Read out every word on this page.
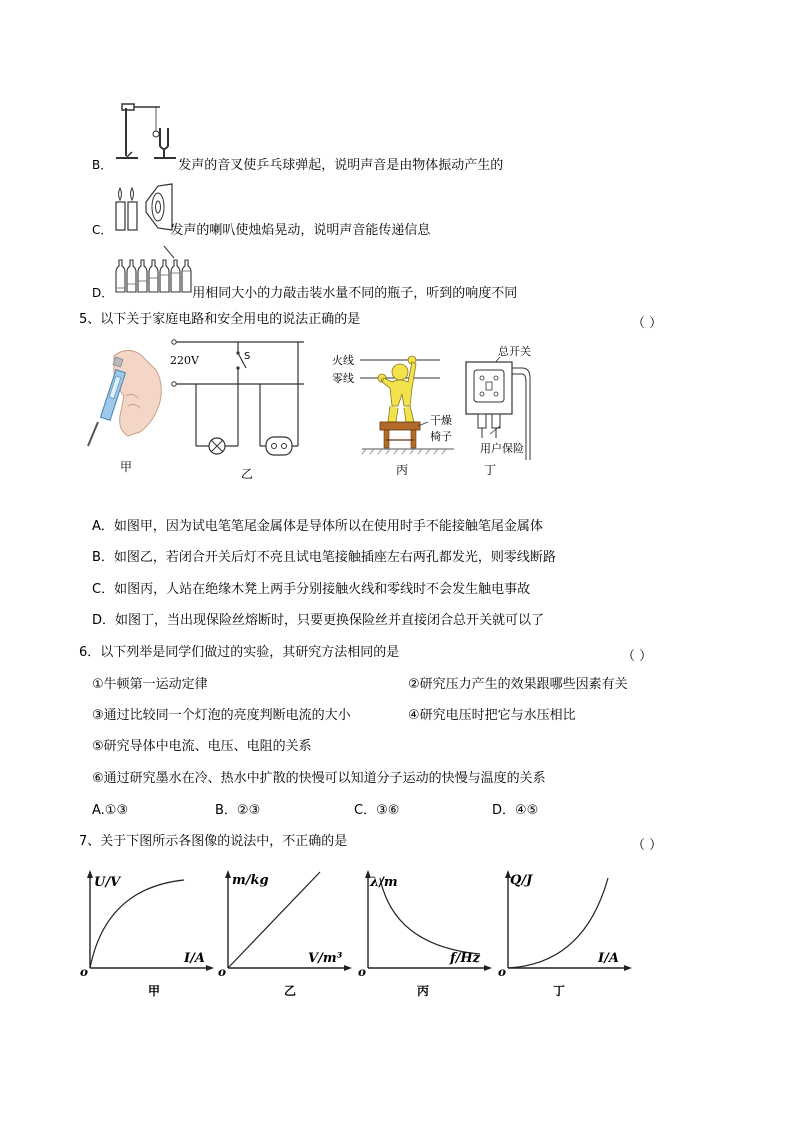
B．	发声的音叉使乒乓球弹起，说明声音是由物体振动产生的
C．	发声的喇叭使烛焰晃动，说明声音能传递信息
D．	用相同大小的力敲击装水量不同的瓶子，听到的响度不同
5、以下关于家庭电路和安全用电的说法正确的是	（ ）
甲
220V	S
乙
火线
零线
干燥
椅子
丙
总开关
用户保险
丁
A．如图甲，因为试电笔笔尾金属体是导体所以在使用时手不能接触笔尾金属体
B．如图乙，若闭合开关后灯不亮且试电笔接触插座左右两孔都发光，则零线断路
C．如图丙，人站在绝缘木凳上两手分别接触火线和零线时不会发生触电事故
D．如图丁，当出现保险丝熔断时，只要更换保险丝并直接闭合总开关就可以了
6．以下列举是同学们做过的实验，其研究方法相同的是	（ ）
①牛顿第一运动定律	②研究压力产生的效果跟哪些因素有关
③通过比较同一个灯泡的亮度判断电流的大小	④研究电压时把它与水压相比
⑤研究导体中电流、电压、电阻的关系
⑥通过研究墨水在冷、热水中扩散的快慢可以知道分子运动的快慢与温度的关系
A.①③	B．②③	C．③⑥	D．④⑤
7、关于下图所示各图像的说法中，不正确的是	（ ）
U/V
I/A
o
甲
m/kg
V/m³
o
乙
λ/m
f/Hz
o
丙
Q/J
I/A
o
丁
